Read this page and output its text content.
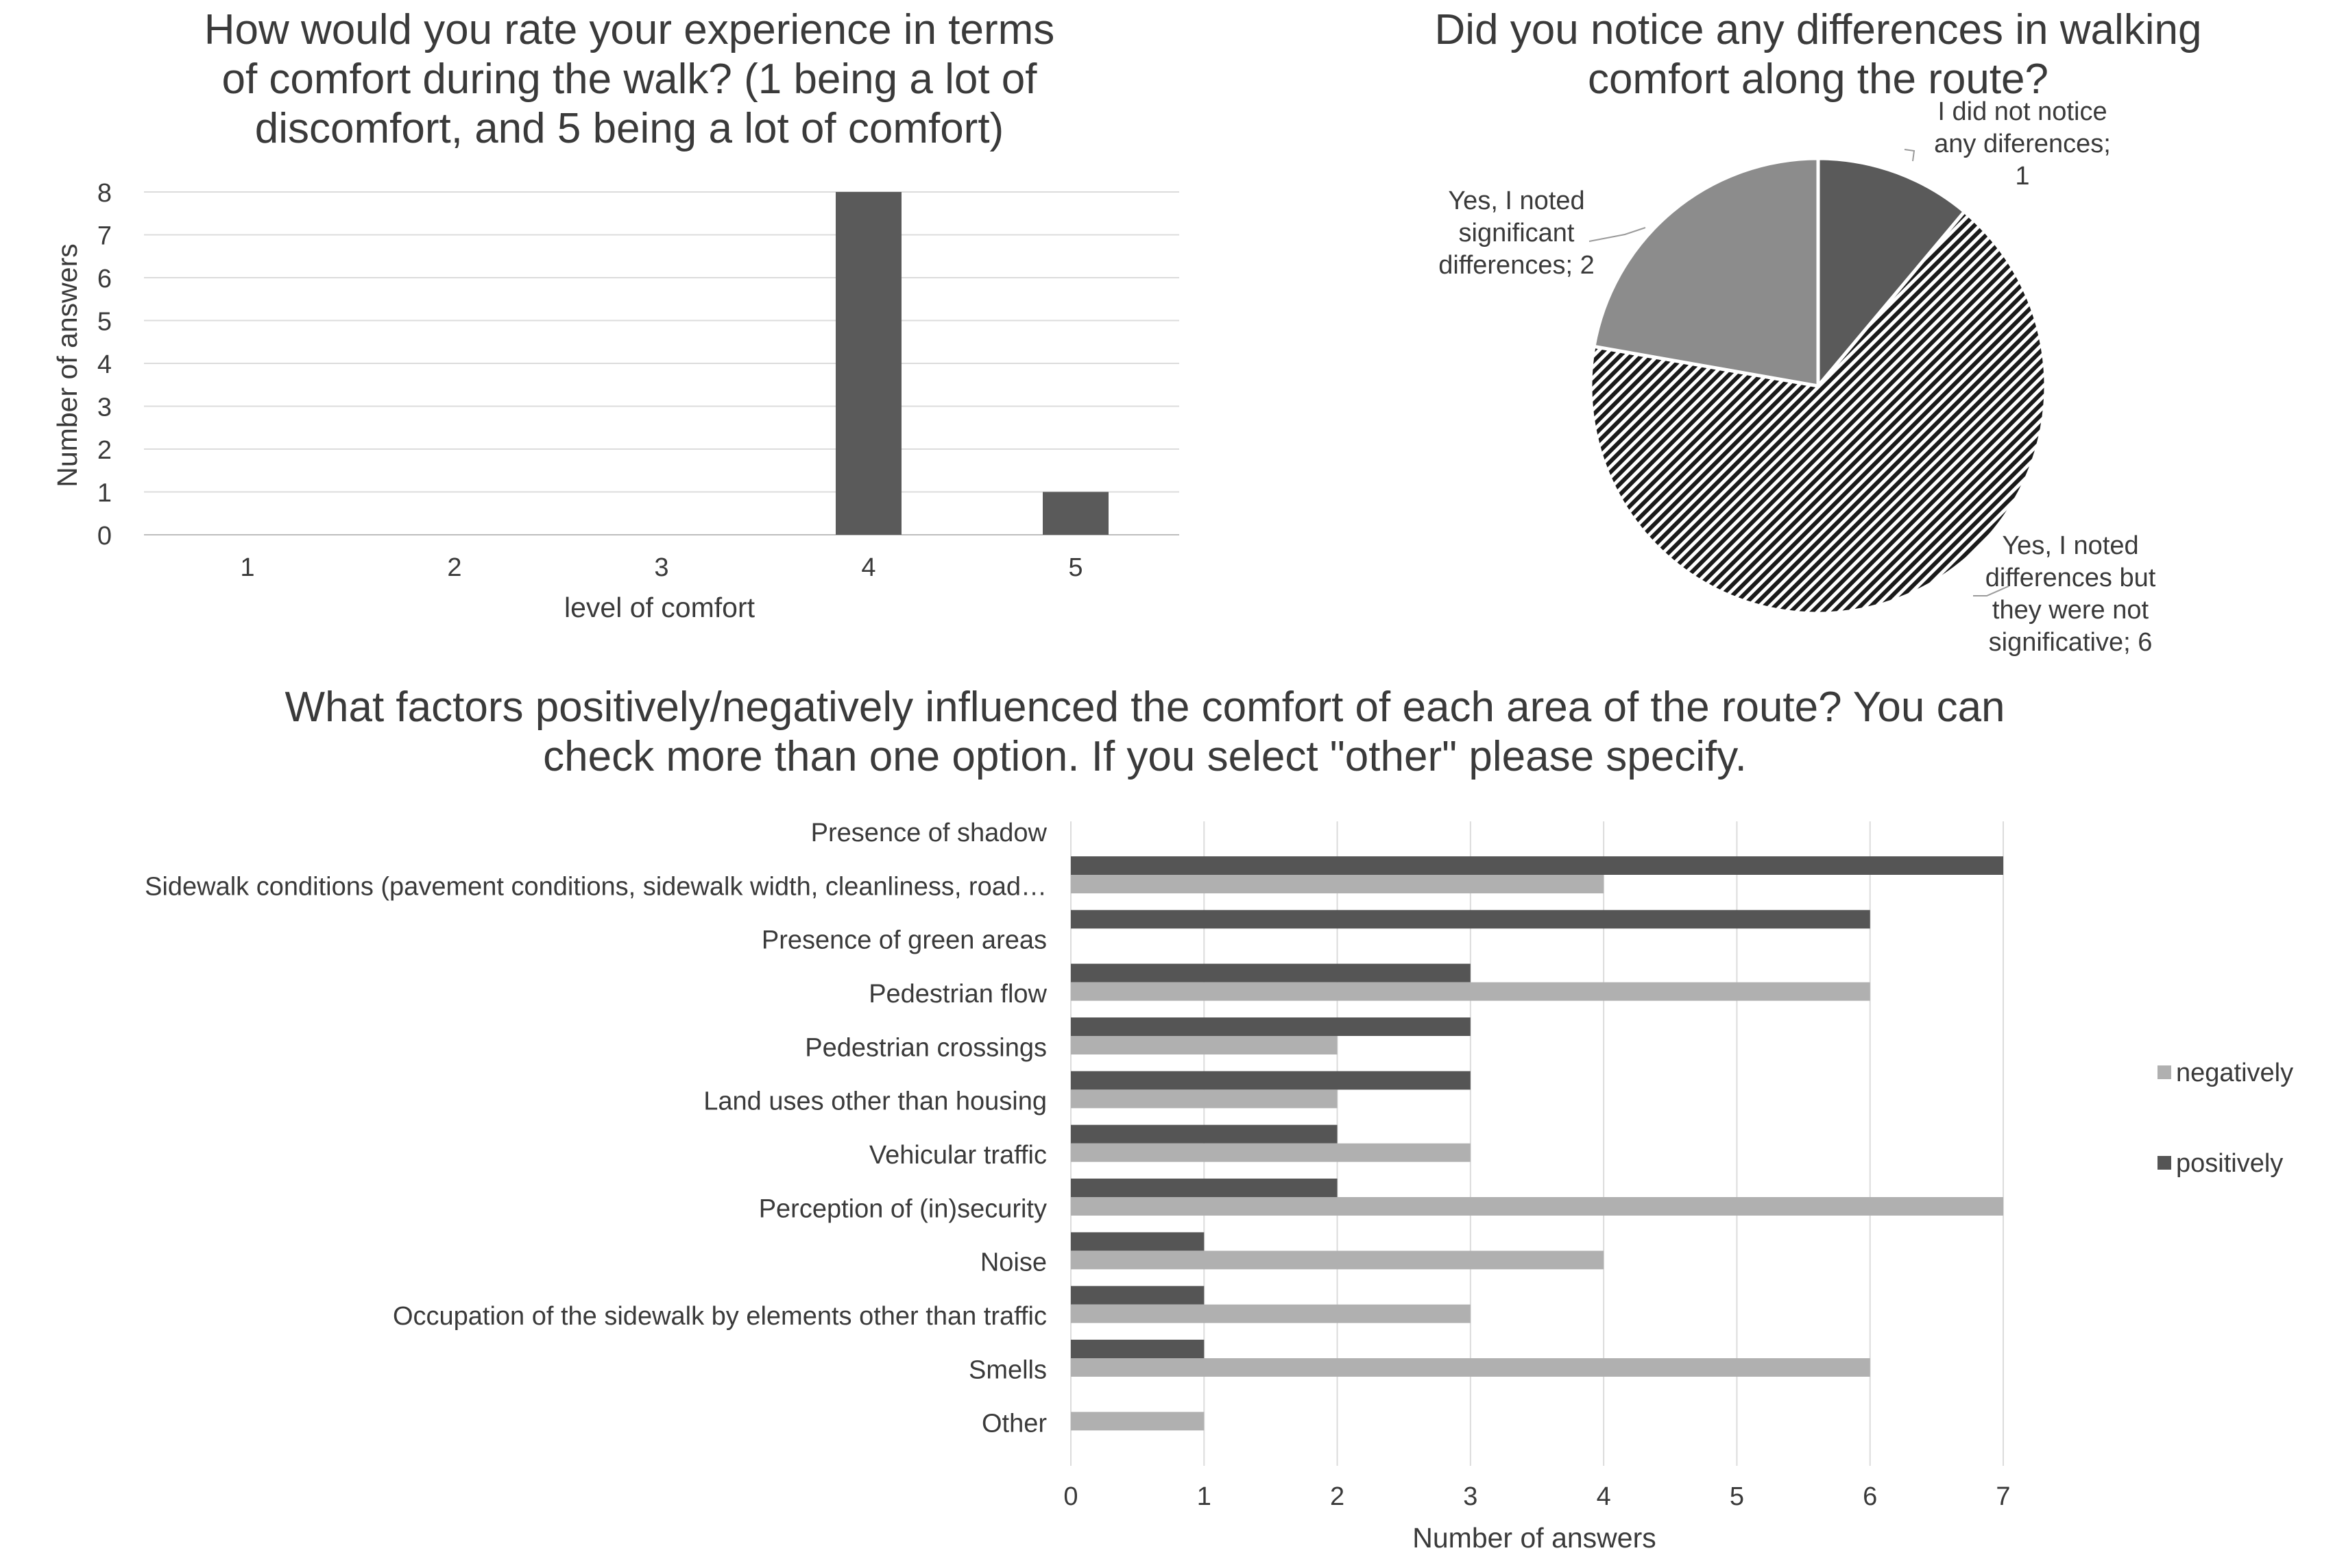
How would you rate your experience in terms
of comfort during the walk? (1 being a lot of
discomfort, and 5 being a lot of comfort)
0
1
2
3
4
5
6
7
8
1	2	3	4	5
level of comfort
Number of answers
Did you notice any differences in walking
comfort along the route?
I did not notice
any diferences;
1
Yes, I noted
differences but
they were not
significative; 6
Yes, I noted
significant
differences; 2
What factors positively/negatively influenced the comfort of each area of the route? You can
check more than one option. If you select "other" please specify.
Presence of shadow
Sidewalk conditions (pavement conditions, sidewalk width, cleanliness, road…
Presence of green areas
Pedestrian flow
Pedestrian crossings
Land uses other than housing
Vehicular traffic
Perception of (in)security
Noise
Occupation of the sidewalk by elements other than traffic
Smells
Other
0	1	2	3	4	5	6	7
Number of answers
negatively
positively
